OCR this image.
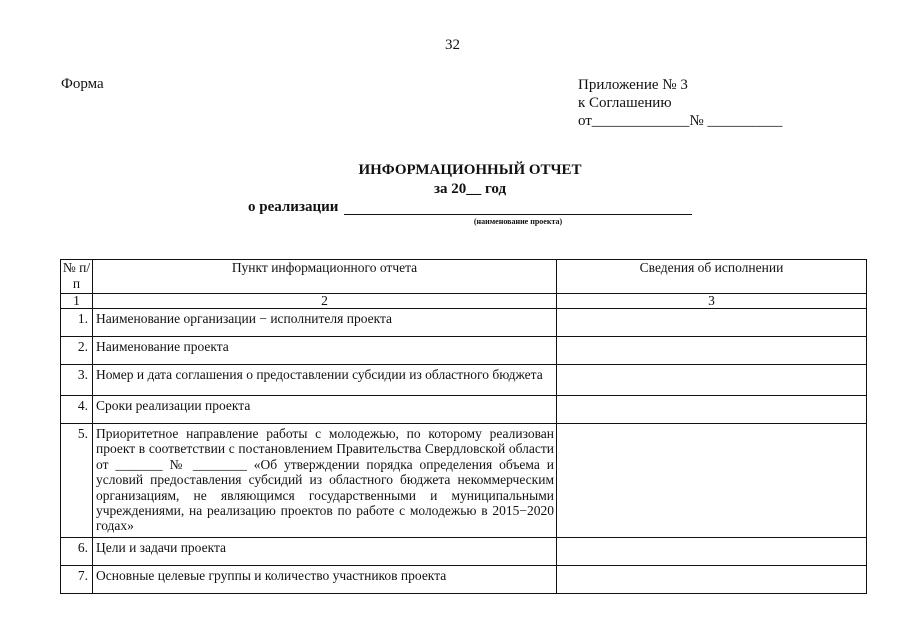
32
Форма	Приложение № 3
к Соглашению
от_____________№ __________
ИНФОРМАЦИОННЫЙ ОТЧЕТ
за 20__ год
о реализации
(наименование проекта)
№ п/п	Пункт информационного отчета	Сведения об исполнении
1	2	3
1.	Наименование организации − исполнителя проекта	
2.	Наименование проекта	
3.	Номер и дата соглашения о предоставлении субсидии из областного бюджета	
4.	Сроки реализации проекта	
5.	Приоритетное направление работы с молодежью, по которому реализован проект в соответствии с постановлением Правительства Свердловской области от _______ № ________ «Об утверждении порядка определения объема и условий предоставления субсидий из областного бюджета некоммерческим организациям, не являющимся государственными и муниципальными учреждениями, на реализацию проектов по работе с молодежью в 2015−2020 годах»	
6.	Цели и задачи проекта	
7.	Основные целевые группы и количество участников проекта	
